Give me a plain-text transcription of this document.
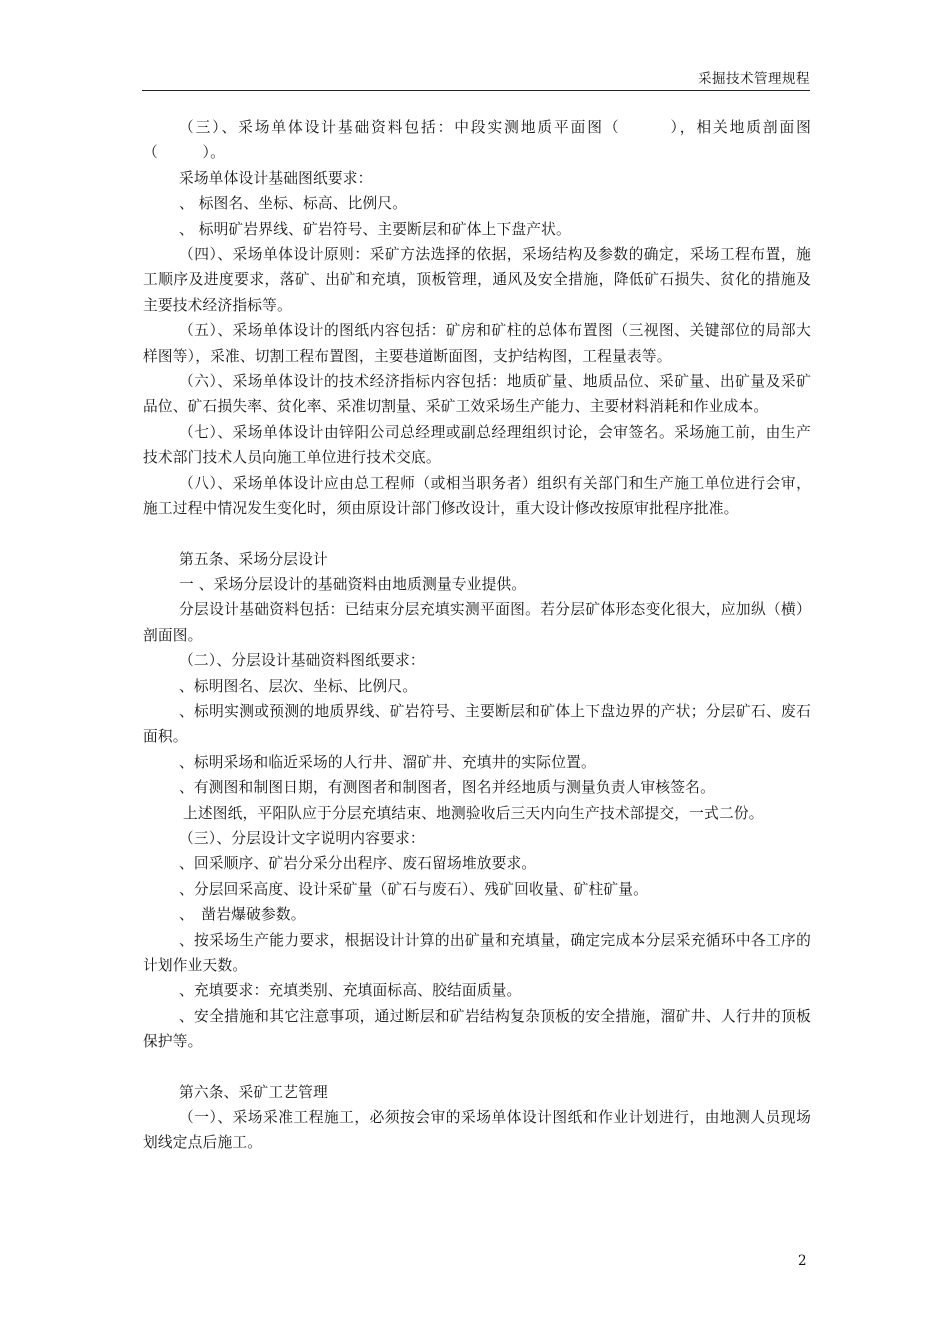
采掘技术管理规程

（三）、采场单体设计基础资料包括：中段实测地质平面图（　　　），相关地质剖面图（　　　）。

采场单体设计基础图纸要求：

、 标图名、坐标、标高、比例尺。

、 标明矿岩界线、矿岩符号、主要断层和矿体上下盘产状。

（四）、采场单体设计原则：采矿方法选择的依据，采场结构及参数的确定，采场工程布置，施工顺序及进度要求，落矿、出矿和充填，顶板管理，通风及安全措施，降低矿石损失、贫化的措施及主要技术经济指标等。

（五）、采场单体设计的图纸内容包括：矿房和矿柱的总体布置图（三视图、关键部位的局部大样图等），采准、切割工程布置图，主要巷道断面图，支护结构图，工程量表等。

（六）、采场单体设计的技术经济指标内容包括：地质矿量、地质品位、采矿量、出矿量及采矿品位、矿石损失率、贫化率、采准切割量、采矿工效采场生产能力、主要材料消耗和作业成本。

（七）、采场单体设计由锌阳公司总经理或副总经理组织讨论，会审签名。采场施工前，由生产技术部门技术人员向施工单位进行技术交底。

（八）、采场单体设计应由总工程师（或相当职务者）组织有关部门和生产施工单位进行会审，施工过程中情况发生变化时，须由原设计部门修改设计，重大设计修改按原审批程序批准。

第五条、采场分层设计

一 、采场分层设计的基础资料由地质测量专业提供。

分层设计基础资料包括：已结束分层充填实测平面图。若分层矿体形态变化很大，应加纵（横）剖面图。

（二）、分层设计基础资料图纸要求：

、标明图名、层次、坐标、比例尺。

、标明实测或预测的地质界线、矿岩符号、主要断层和矿体上下盘边界的产状；分层矿石、废石面积。

、标明采场和临近采场的人行井、溜矿井、充填井的实际位置。

、有测图和制图日期，有测图者和制图者，图名并经地质与测量负责人审核签名。

上述图纸，平阳队应于分层充填结束、地测验收后三天内向生产技术部提交，一式二份。

（三）、分层设计文字说明内容要求：

、回采顺序、矿岩分采分出程序、废石留场堆放要求。

、分层回采高度、设计采矿量（矿石与废石）、残矿回收量、矿柱矿量。

、　凿岩爆破参数。

、按采场生产能力要求，根据设计计算的出矿量和充填量，确定完成本分层采充循环中各工序的计划作业天数。

、充填要求：充填类别、充填面标高、胶结面质量。

、安全措施和其它注意事项，通过断层和矿岩结构复杂顶板的安全措施，溜矿井、人行井的顶板保护等。

第六条、采矿工艺管理

（一）、采场采准工程施工，必须按会审的采场单体设计图纸和作业计划进行，由地测人员现场划线定点后施工。

2
